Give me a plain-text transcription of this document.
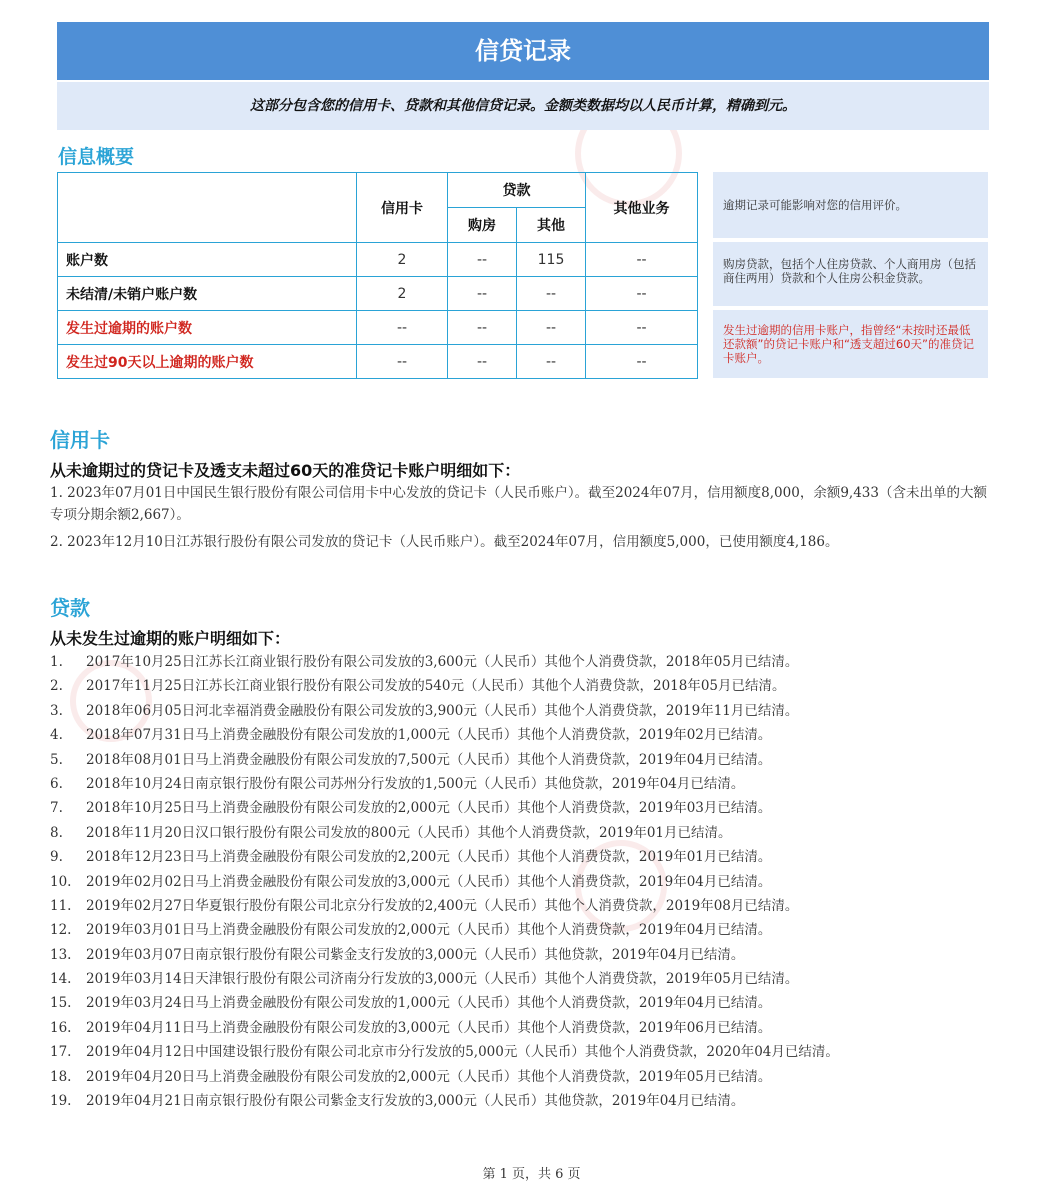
信贷记录
这部分包含您的信用卡、贷款和其他信贷记录。金额类数据均以人民币计算，精确到元。
信息概要
	信用卡	贷款		其他业务
		购房	其他	
账户数	2	--	115	--
未结清/未销户账户数	2	--	--	--
发生过逾期的账户数	--	--	--	--
发生过90天以上逾期的账户数	--	--	--	--
逾期记录可能影响对您的信用评价。
购房贷款，包括个人住房贷款、个人商用房（包括商住两用）贷款和个人住房公积金贷款。
发生过逾期的信用卡账户，指曾经“未按时还最低还款额”的贷记卡账户和“透支超过60天”的准贷记卡账户。
信用卡
从未逾期过的贷记卡及透支未超过60天的准贷记卡账户明细如下：
1. 2023年07月01日中国民生银行股份有限公司信用卡中心发放的贷记卡（人民币账户）。截至2024年07月，信用额度8,000，余额9,433（含未出单的大额专项分期余额2,667）。
2. 2023年12月10日江苏银行股份有限公司发放的贷记卡（人民币账户）。截至2024年07月，信用额度5,000，已使用额度4,186。
贷款
从未发生过逾期的账户明细如下：
1. 2017年10月25日江苏长江商业银行股份有限公司发放的3,600元（人民币）其他个人消费贷款，2018年05月已结清。
2. 2017年11月25日江苏长江商业银行股份有限公司发放的540元（人民币）其他个人消费贷款，2018年05月已结清。
3. 2018年06月05日河北幸福消费金融股份有限公司发放的3,900元（人民币）其他个人消费贷款，2019年11月已结清。
4. 2018年07月31日马上消费金融股份有限公司发放的1,000元（人民币）其他个人消费贷款，2019年02月已结清。
5. 2018年08月01日马上消费金融股份有限公司发放的7,500元（人民币）其他个人消费贷款，2019年04月已结清。
6. 2018年10月24日南京银行股份有限公司苏州分行发放的1,500元（人民币）其他贷款，2019年04月已结清。
7. 2018年10月25日马上消费金融股份有限公司发放的2,000元（人民币）其他个人消费贷款，2019年03月已结清。
8. 2018年11月20日汉口银行股份有限公司发放的800元（人民币）其他个人消费贷款，2019年01月已结清。
9. 2018年12月23日马上消费金融股份有限公司发放的2,200元（人民币）其他个人消费贷款，2019年01月已结清。
10. 2019年02月02日马上消费金融股份有限公司发放的3,000元（人民币）其他个人消费贷款，2019年04月已结清。
11. 2019年02月27日华夏银行股份有限公司北京分行发放的2,400元（人民币）其他个人消费贷款，2019年08月已结清。
12. 2019年03月01日马上消费金融股份有限公司发放的2,000元（人民币）其他个人消费贷款，2019年04月已结清。
13. 2019年03月07日南京银行股份有限公司紫金支行发放的3,000元（人民币）其他贷款，2019年04月已结清。
14. 2019年03月14日天津银行股份有限公司济南分行发放的3,000元（人民币）其他个人消费贷款，2019年05月已结清。
15. 2019年03月24日马上消费金融股份有限公司发放的1,000元（人民币）其他个人消费贷款，2019年04月已结清。
16. 2019年04月11日马上消费金融股份有限公司发放的3,000元（人民币）其他个人消费贷款，2019年06月已结清。
17. 2019年04月12日中国建设银行股份有限公司北京市分行发放的5,000元（人民币）其他个人消费贷款，2020年04月已结清。
18. 2019年04月20日马上消费金融股份有限公司发放的2,000元（人民币）其他个人消费贷款，2019年05月已结清。
19. 2019年04月21日南京银行股份有限公司紫金支行发放的3,000元（人民币）其他贷款，2019年04月已结清。
第 1 页，共 6 页
